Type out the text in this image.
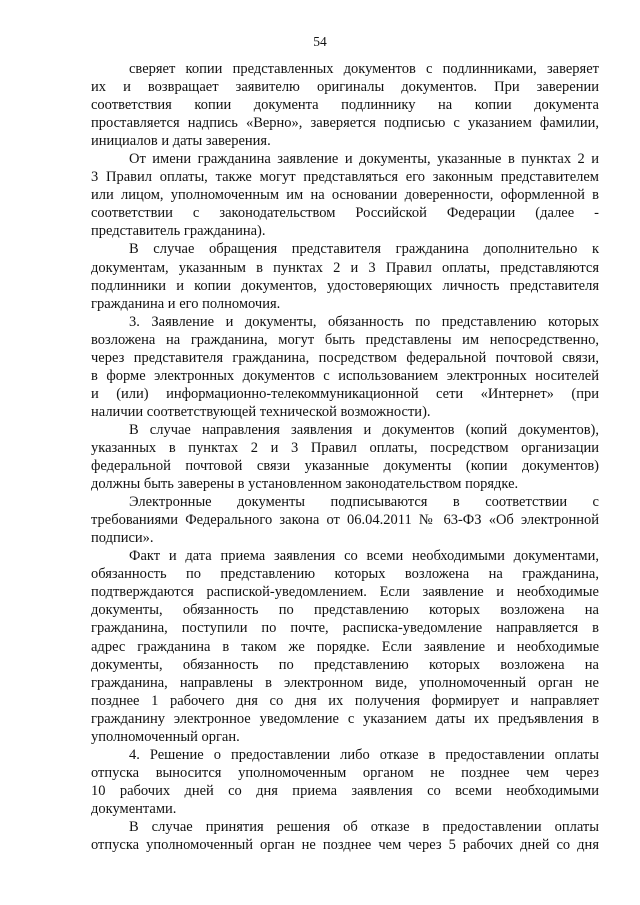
54
сверяет копии представленных документов с подлинниками, заверяет
их и возвращает заявителю оригиналы документов. При заверении
соответствия копии документа подлиннику на копии документа
проставляется надпись «Верно», заверяется подписью с указанием фамилии,
инициалов и даты заверения.
От имени гражданина заявление и документы, указанные в пунктах 2 и
3 Правил оплаты, также могут представляться его законным представителем
или лицом, уполномоченным им на основании доверенности, оформленной в
соответствии с законодательством Российской Федерации (далее -
представитель гражданина).
В случае обращения представителя гражданина дополнительно к
документам, указанным в пунктах 2 и 3 Правил оплаты, представляются
подлинники и копии документов, удостоверяющих личность представителя
гражданина и его полномочия.
3. Заявление и документы, обязанность по представлению которых
возложена на гражданина, могут быть представлены им непосредственно,
через представителя гражданина, посредством федеральной почтовой связи,
в форме электронных документов с использованием электронных носителей
и (или) информационно-телекоммуникационной сети «Интернет» (при
наличии соответствующей технической возможности).
В случае направления заявления и документов (копий документов),
указанных в пунктах 2 и 3 Правил оплаты, посредством организации
федеральной почтовой связи указанные документы (копии документов)
должны быть заверены в установленном законодательством порядке.
Электронные документы подписываются в соответствии с
требованиями Федерального закона от 06.04.2011 № 63-ФЗ «Об электронной
подписи».
Факт и дата приема заявления со всеми необходимыми документами,
обязанность по представлению которых возложена на гражданина,
подтверждаются распиской-уведомлением. Если заявление и необходимые
документы, обязанность по представлению которых возложена на
гражданина, поступили по почте, расписка-уведомление направляется в
адрес гражданина в таком же порядке. Если заявление и необходимые
документы, обязанность по представлению которых возложена на
гражданина, направлены в электронном виде, уполномоченный орган не
позднее 1 рабочего дня со дня их получения формирует и направляет
гражданину электронное уведомление с указанием даты их предъявления в
уполномоченный орган.
4. Решение о предоставлении либо отказе в предоставлении оплаты
отпуска выносится уполномоченным органом не позднее чем через
10 рабочих дней со дня приема заявления со всеми необходимыми
документами.
В случае принятия решения об отказе в предоставлении оплаты
отпуска уполномоченный орган не позднее чем через 5 рабочих дней со дня
